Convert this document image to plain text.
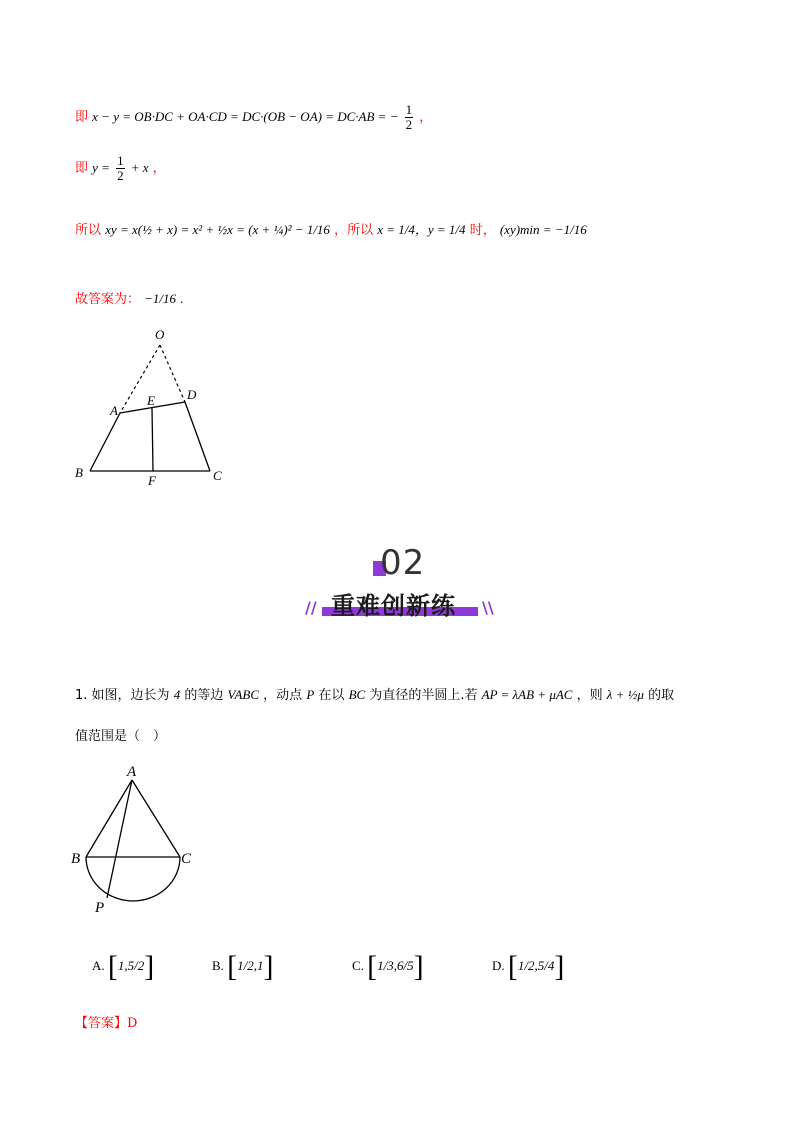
即 x − y = OB·DC + OA·CD = DC·(OB − OA) = DC·AB = − $\frac{1}{2}$ ，
即 $y = \frac{1}{2} + x$ ，
所以 xy = x(½ + x) = x² + ½x = (x + ¼)² − 1/16 ，所以 x = 1/4，y = 1/4 时， (xy)min = −1/16
故答案为： −1/16 .
O
A
E D
B
F	C
02
// 重难创新练 \\
1. 如图，边长为 4 的等边 VABC ，动点 P 在以 BC 为直径的半圆上.若 AP = λAB + μAC ，则 λ + ½μ 的取
值范围是（　）
A
B	C
P
A. [1,5/2]	B. [1/2,1]	C. [1/3,6/5]	D. [1/2,5/4]
【答案】D
